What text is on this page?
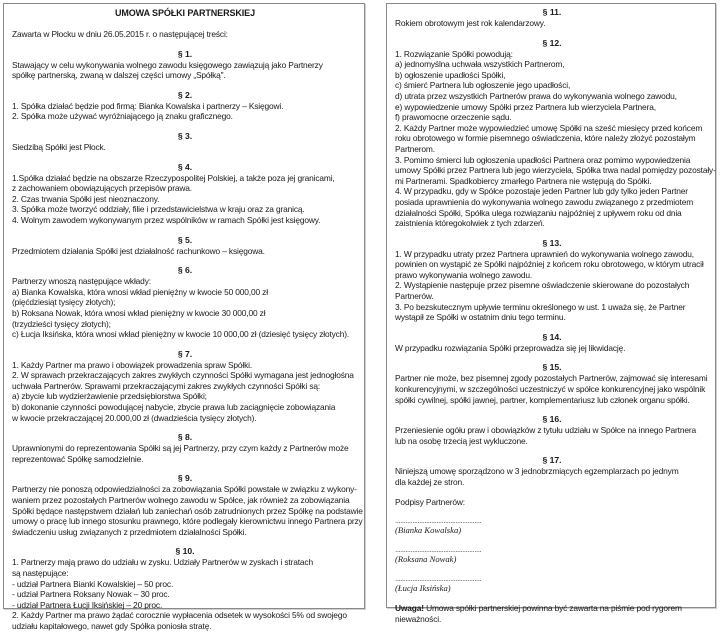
UMOWA SPÓŁKI PARTNERSKIEJ
Zawarta w Płocku w dniu 26.05.2015 r. o następującej treści:
§ 1.
Stawający w celu wykonywania wolnego zawodu księgowego zawiązują jako Partnerzy
spółkę partnerską, zwaną w dalszej części umowy „Spółką".
§ 2.
1. Spółka działać będzie pod firmą: Bianka Kowalska i partnerzy – Księgowi.
2. Spółka może używać wyróżniającego ją znaku graficznego.
§ 3.
Siedzibą Spółki jest Płock.
§ 4.
1.Spółka działać będzie na obszarze Rzeczypospolitej Polskiej, a także poza jej granicami,
z zachowaniem obowiązujących przepisów prawa.
2. Czas trwania Spółki jest nieoznaczony.
3. Spółka może tworzyć oddziały, filie i przedstawicielstwa w kraju oraz za granicą.
4. Wolnym zawodem wykonywanym przez wspólników w ramach Spółki jest księgowy.
§ 5.
Przedmiotem działania Spółki jest działalność rachunkowo – księgowa.
§ 6.
Partnerzy wnoszą następujące wkłady:
a) Bianka Kowalska, która wnosi wkład pieniężny w kwocie 50 000,00 zł
(pięćdziesiąt tysięcy złotych);
b) Roksana Nowak, która wnosi wkład pieniężny w kwocie 30 000,00 zł
(trzydzieści tysięcy złotych);
c) Łucja Iksińska, która wnosi wkład pieniężny w kwocie 10 000,00 zł (dziesięć tysięcy złotych).
§ 7.
1. Każdy Partner ma prawo i obowiązek prowadzenia spraw Spółki.
2. W sprawach przekraczających zakres zwykłych czynności Spółki wymagana jest jednogłośna
uchwała Partnerów. Sprawami przekraczającymi zakres zwykłych czynności Spółki są:
a) zbycie lub wydzierżawienie przedsiębiorstwa Spółki;
b) dokonanie czynności powodującej nabycie, zbycie prawa lub zaciągnięcie zobowiązania
w kwocie przekraczającej 20.000,00 zł (dwadzieścia tysięcy złotych).
§ 8.
Uprawnionymi do reprezentowania Spółki są jej Partnerzy, przy czym każdy z Partnerów może
reprezentować Spółkę samodzielnie.
§ 9.
Partnerzy nie ponoszą odpowiedzialności za zobowiązania Spółki powstałe w związku z wykony-
waniem przez pozostałych Partnerów wolnego zawodu w Spółce, jak również za zobowiązania
Spółki będące następstwem działań lub zaniechań osób zatrudnionych przez Spółkę na podstawie
umowy o pracę lub innego stosunku prawnego, które podlegały kierownictwu innego Partnera przy
świadczeniu usług związanych z przedmiotem działalności Spółki.
§ 10.
1. Partnerzy mają prawo do udziału w zysku. Udziały Partnerów w zyskach i stratach
są następujące:
- udział Partnera Bianki Kowalskiej – 50 proc.
- udział Partnera Roksany Nowak – 30 proc.
- udział Partnera Łucji Iksińskiej – 20 proc.
2. Każdy Partner ma prawo żądać corocznie wypłacenia odsetek w wysokości 5% od swojego
udziału kapitałowego, nawet gdy Spółka poniosła stratę.
§ 11.
Rokiem obrotowym jest rok kalendarzowy.
§ 12.
1. Rozwiązanie Spółki powodują:
a) jednomyślna uchwała wszystkich Partnerom,
b) ogłoszenie upadłości Spółki,
c) śmierć Partnera lub ogłoszenie jego upadłości,
d) utrata przez wszystkich Partnerów prawa do wykonywania wolnego zawodu,
e) wypowiedzenie umowy Spółki przez Partnera lub wierzyciela Partnera,
f) prawomocne orzeczenie sądu.
2. Każdy Partner może wypowiedzieć umowę Spółki na sześć miesięcy przed końcem
roku obrotowego w formie pisemnego oświadczenia, które należy złożyć pozostałym
Partnerom.
3. Pomimo śmierci lub ogłoszenia upadłości Partnera oraz pomimo wypowiedzenia
umowy Spółki przez Partnera lub jego wierzyciela, Spółka trwa nadal pomiędzy pozostały-
mi Partnerami. Spadkobiercy zmarłego Partnera nie wstępują do Spółki.
4. W przypadku, gdy w Spółce pozostaje jeden Partner lub gdy tylko jeden Partner
posiada uprawnienia do wykonywania wolnego zawodu związanego z przedmiotem
działalności Spółki, Spółka ulega rozwiązaniu najpóźniej z upływem roku od dnia
zaistnienia któregokolwiek z tych zdarzeń.
§ 13.
1. W przypadku utraty przez Partnera uprawnień do wykonywania wolnego zawodu,
powinien on wystąpić ze Spółki najpóźniej z końcem roku obrotowego, w którym utracił
prawo wykonywania wolnego zawodu.
2. Wystąpienie następuje przez pisemne oświadczenie skierowane do pozostałych
Partnerów.
3. Po bezskutecznym upływie terminu określonego w ust. 1 uważa się, że Partner
wystąpił ze Spółki w ostatnim dniu tego terminu.
§ 14.
W przypadku rozwiązania Spółki przeprowadza się jej likwidację.
§ 15.
Partner nie może, bez pisemnej zgody pozostałych Partnerów, zajmować się interesami
konkurencyjnymi, w szczególności uczestniczyć w spółce konkurencyjnej jako wspólnik
spółki cywilnej, spółki jawnej, partner, komplementariusz lub członek organu spółki.
§ 16.
Przeniesienie ogółu praw i obowiązków z tytułu udziału w Spółce na innego Partnera
lub na osobę trzecią jest wykluczone.
§ 17.
Niniejszą umowę sporządzono w 3 jednobrzmiących egzemplarzach po jednym
dla każdej ze stron.
Podpisy Partnerów:
..................................................
(Bianka Kowalska)
..................................................
(Roksana Nowak)
..................................................
(Łucja Iksińska)
Uwaga! Umowa spółki partnerskiej powinna być zawarta na piśmie pod rygorem
nieważności.
